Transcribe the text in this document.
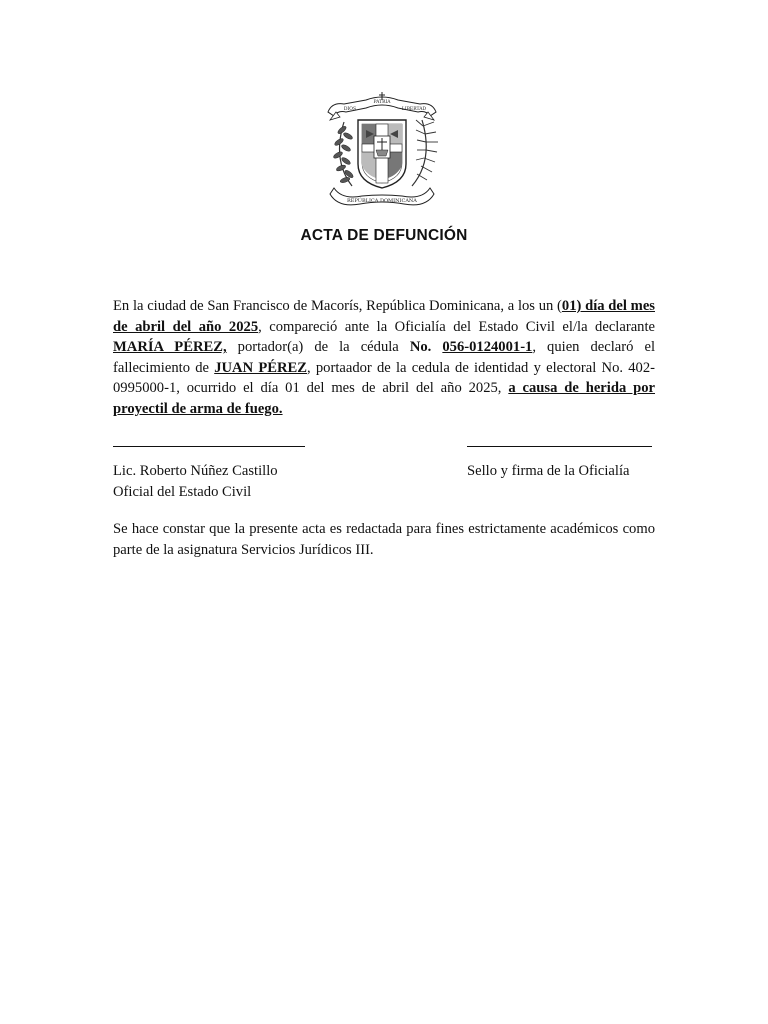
REPÚBLICA DOMINICANA
DIOS
PATRIA
LIBERTAD
ACTA DE DEFUNCIÓN
En la ciudad de San Francisco de Macorís, República Dominicana, a los un (01) día del mes de abril del año 2025, compareció ante la Oficialía del Estado Civil el/la declarante MARÍA PÉREZ, portador(a) de la cédula No. 056-0124001-1, quien declaró el fallecimiento de JUAN PÉREZ, portaador de la cedula de identidad y electoral No. 402-0995000-1, ocurrido el día 01 del mes de abril del año 2025, a causa de herida por proyectil de arma de fuego.
Lic. Roberto Núñez Castillo
Oficial del Estado Civil
Sello y firma de la Oficialía
Se hace constar que la presente acta es redactada para fines estrictamente académicos como parte de la asignatura Servicios Jurídicos III.
